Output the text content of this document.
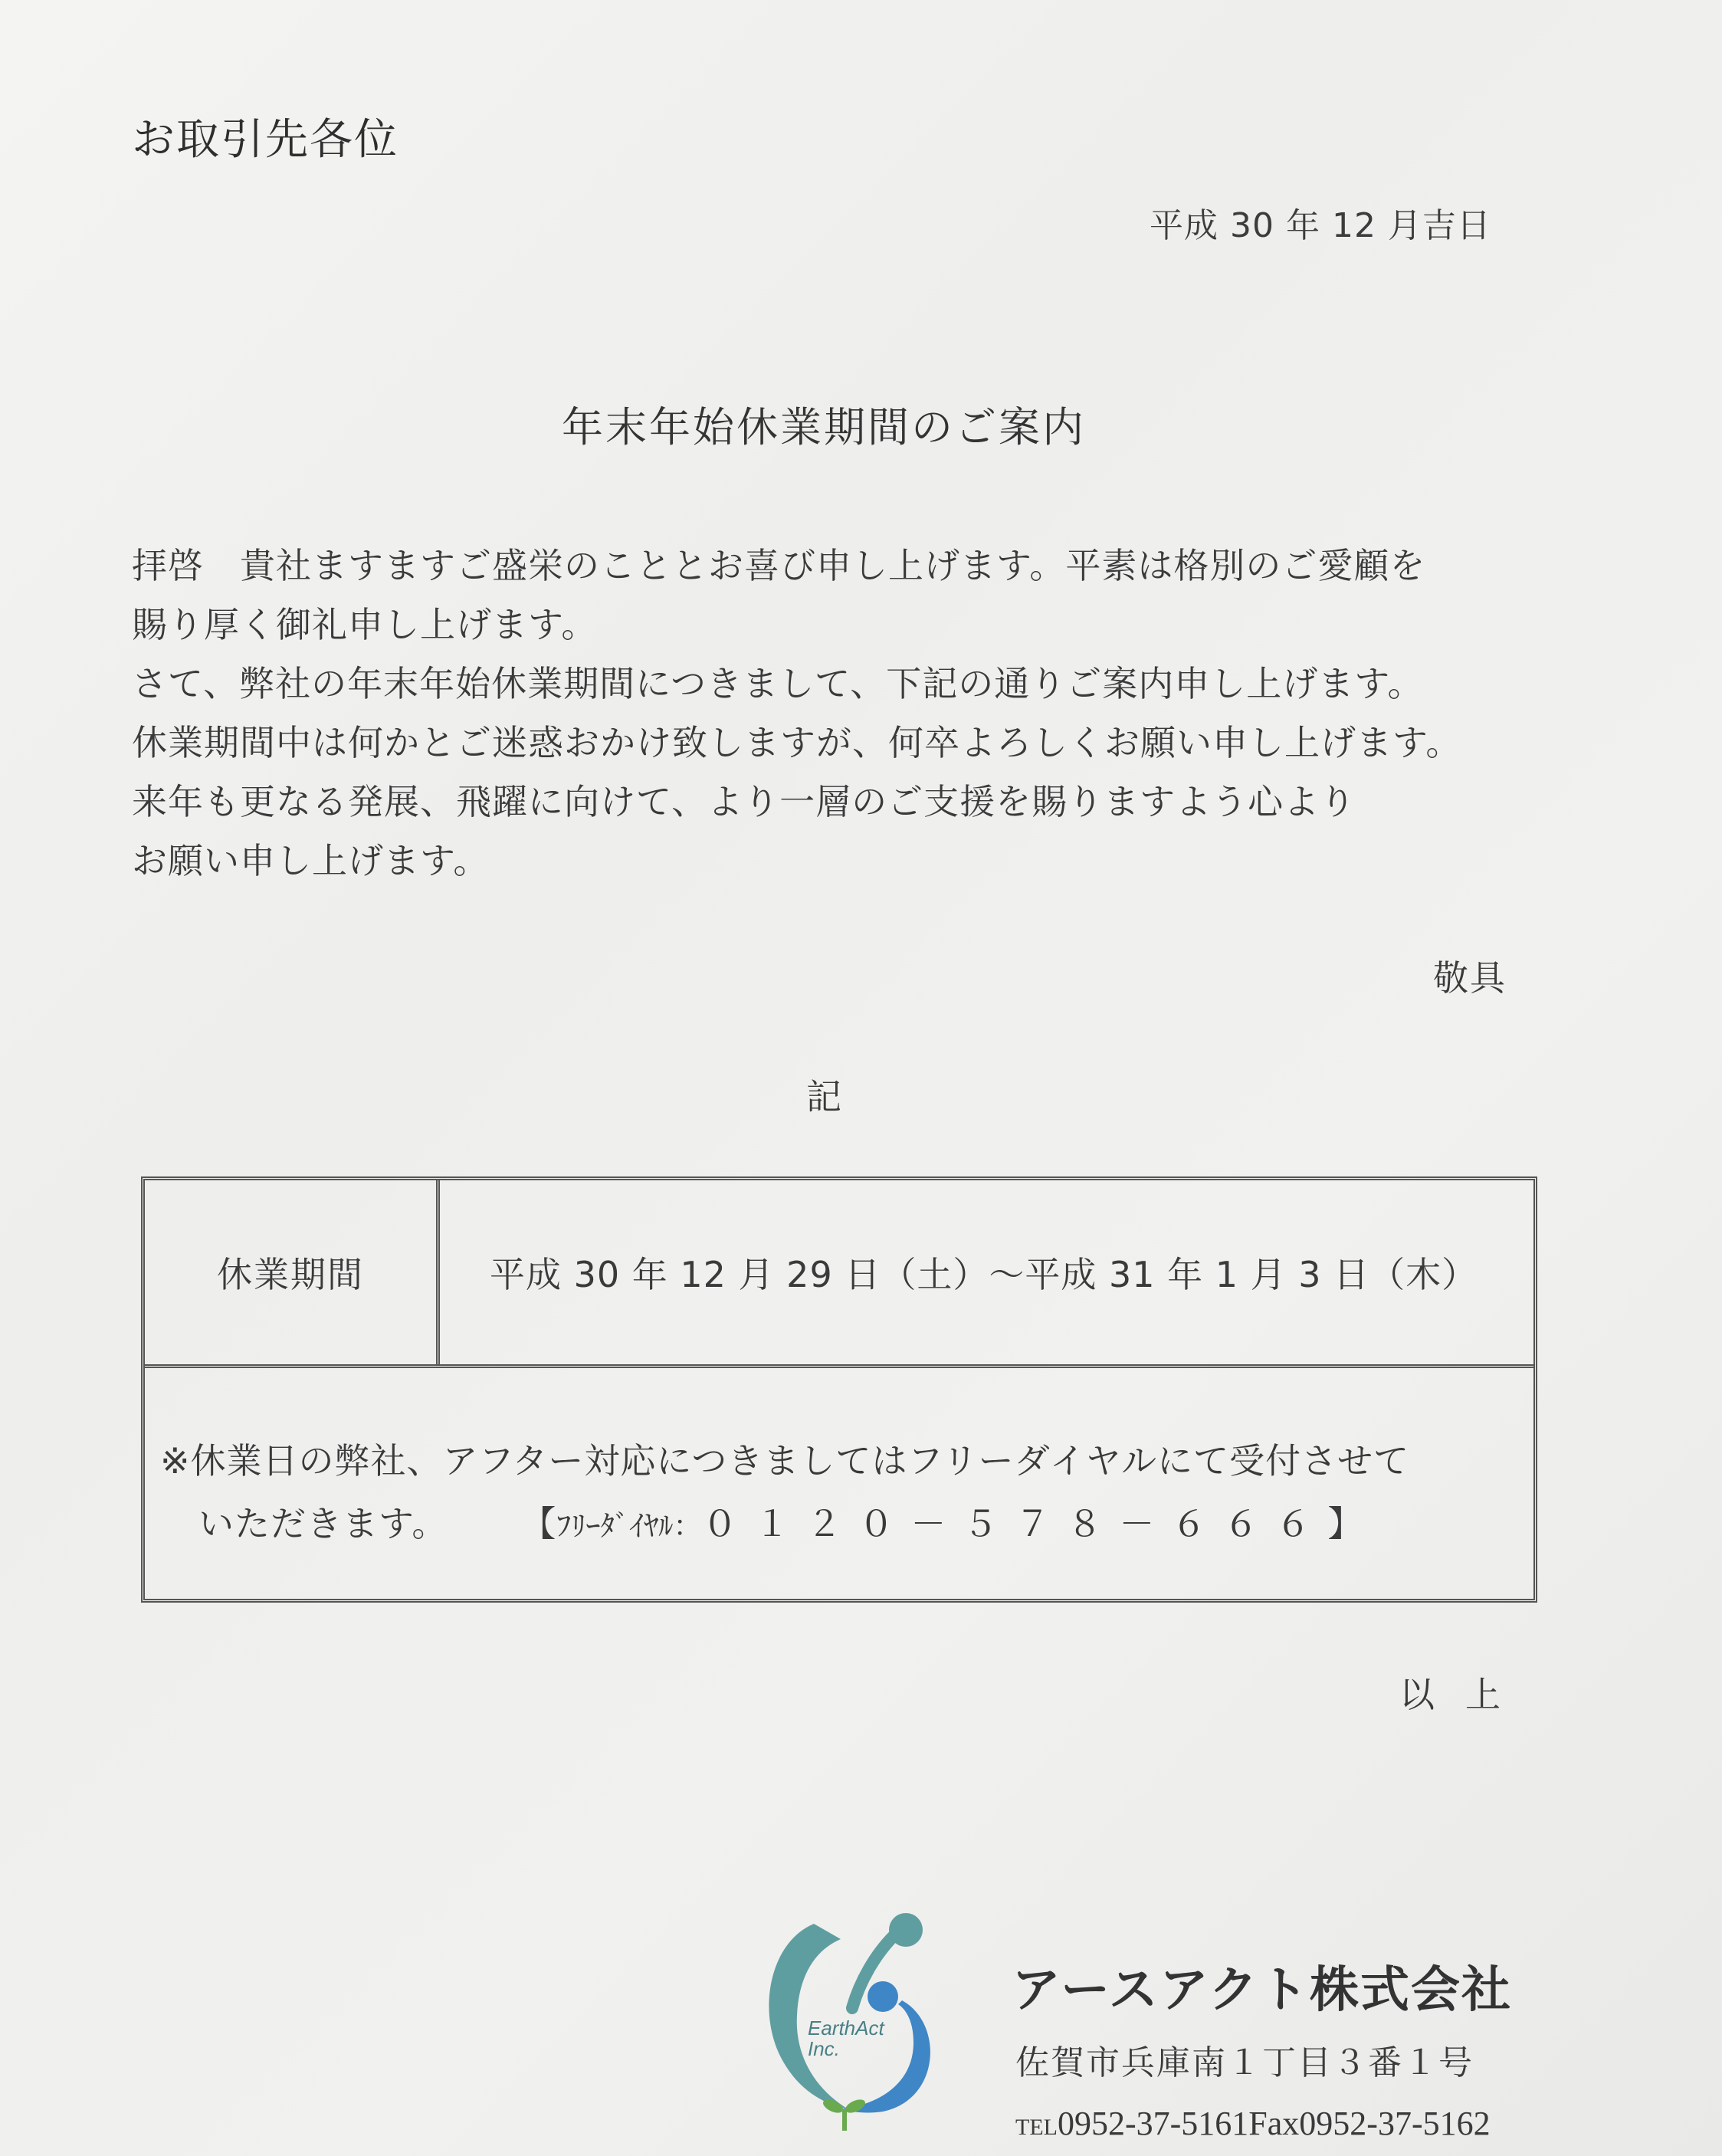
お取引先各位
平成 30 年 12 月吉日
年末年始休業期間のご案内
拝啓　貴社ますますご盛栄のこととお喜び申し上げます。平素は格別のご愛顧を
賜り厚く御礼申し上げます。
さて、弊社の年末年始休業期間につきまして、下記の通りご案内申し上げます。
休業期間中は何かとご迷惑おかけ致しますが、何卒よろしくお願い申し上げます。
来年も更なる発展、飛躍に向けて、より一層のご支援を賜りますよう心より
お願い申し上げます。
敬具
記
休業期間	平成 30 年 12 月 29 日（土）～平成 31 年 1 月 3 日（木）
※休業日の弊社、アフター対応につきましてはフリーダイヤルにて受付させて
いただきます。 【ﾌﾘｰﾀﾞｲﾔﾙ：０１２０－５７８－６６６】
以上
EarthAct
Inc.
アースアクト株式会社
佐賀市兵庫南１丁目３番１号
TEL0952-37-5161Fax0952-37-5162
